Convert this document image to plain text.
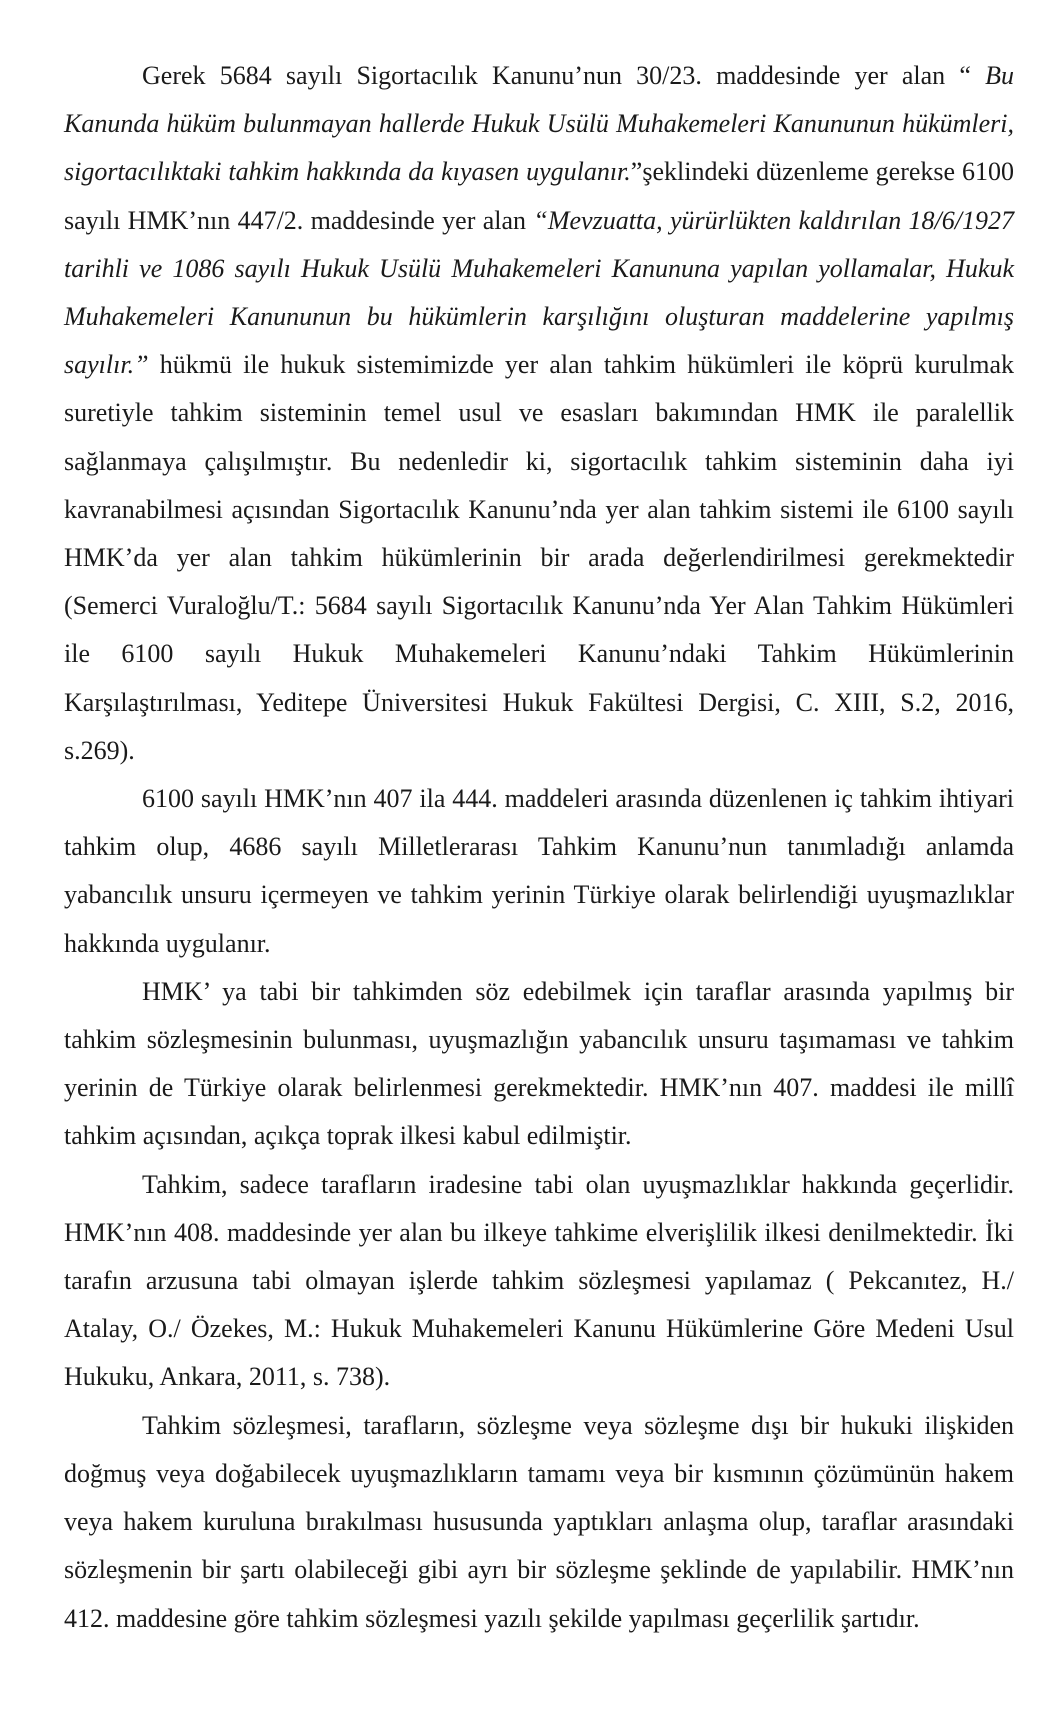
Gerek 5684 sayılı Sigortacılık Kanunu’nun 30/23. maddesinde yer alan “ Bu Kanunda hüküm bulunmayan hallerde Hukuk Usülü Muhakemeleri Kanununun hükümleri, sigortacılıktaki tahkim hakkında da kıyasen uygulanır.”şeklindeki düzenleme gerekse 6100 sayılı HMK’nın 447/2. maddesinde yer alan “Mevzuatta, yürürlükten kaldırılan 18/6/1927 tarihli ve 1086 sayılı Hukuk Usülü Muhakemeleri Kanununa yapılan yollamalar, Hukuk Muhakemeleri Kanununun bu hükümlerin karşılığını oluşturan maddelerine yapılmış sayılır.” hükmü ile hukuk sistemimizde yer alan tahkim hükümleri ile köprü kurulmak suretiyle tahkim sisteminin temel usul ve esasları bakımından HMK ile paralellik sağlanmaya çalışılmıştır. Bu nedenledir ki, sigortacılık tahkim sisteminin daha iyi kavranabilmesi açısından Sigortacılık Kanunu’nda yer alan tahkim sistemi ile 6100 sayılı HMK’da yer alan tahkim hükümlerinin bir arada değerlendirilmesi gerekmektedir (Semerci Vuraloğlu/T.: 5684 sayılı Sigortacılık Kanunu’nda Yer Alan Tahkim Hükümleri ile 6100 sayılı Hukuk Muhakemeleri Kanunu’ndaki Tahkim Hükümlerinin Karşılaştırılması, Yeditepe Üniversitesi Hukuk Fakültesi Dergisi, C. XIII, S.2, 2016, s.269).

6100 sayılı HMK’nın 407 ila 444. maddeleri arasında düzenlenen iç tahkim ihtiyari tahkim olup, 4686 sayılı Milletlerarası Tahkim Kanunu’nun tanımladığı anlamda yabancılık unsuru içermeyen ve tahkim yerinin Türkiye olarak belirlendiği uyuşmazlıklar hakkında uygulanır.

HMK’ ya tabi bir tahkimden söz edebilmek için taraflar arasında yapılmış bir tahkim sözleşmesinin bulunması, uyuşmazlığın yabancılık unsuru taşımaması ve tahkim yerinin de Türkiye olarak belirlenmesi gerekmektedir. HMK’nın 407. maddesi ile millî tahkim açısından, açıkça toprak ilkesi kabul edilmiştir.

Tahkim, sadece tarafların iradesine tabi olan uyuşmazlıklar hakkında geçerlidir. HMK’nın 408. maddesinde yer alan bu ilkeye tahkime elverişlilik ilkesi denilmektedir. İki tarafın arzusuna tabi olmayan işlerde tahkim sözleşmesi yapılamaz ( Pekcanıtez, H./ Atalay, O./ Özekes, M.: Hukuk Muhakemeleri Kanunu Hükümlerine Göre Medeni Usul Hukuku, Ankara, 2011, s. 738).

Tahkim sözleşmesi, tarafların, sözleşme veya sözleşme dışı bir hukuki ilişkiden doğmuş veya doğabilecek uyuşmazlıkların tamamı veya bir kısmının çözümünün hakem veya hakem kuruluna bırakılması hususunda yaptıkları anlaşma olup, taraflar arasındaki sözleşmenin bir şartı olabileceği gibi ayrı bir sözleşme şeklinde de yapılabilir. HMK’nın 412. maddesine göre tahkim sözleşmesi yazılı şekilde yapılması geçerlilik şartıdır.
